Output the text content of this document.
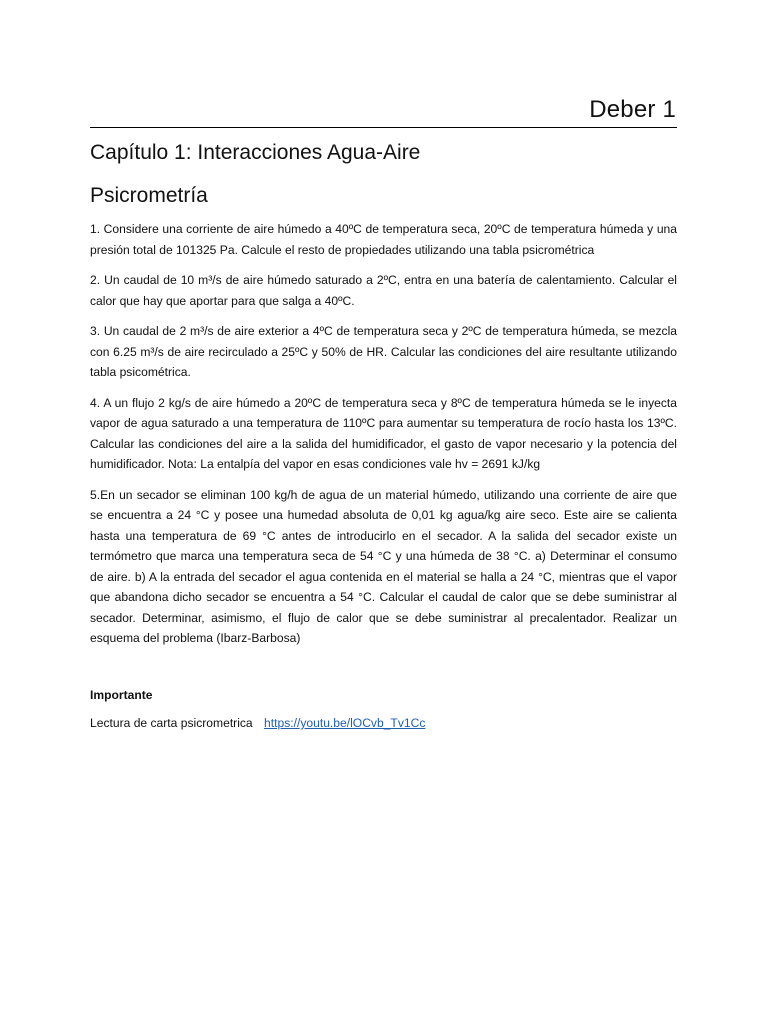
Deber 1
Capítulo 1: Interacciones Agua-Aire
Psicrometría

1. Considere una corriente de aire húmedo a 40ºC de temperatura seca, 20ºC de temperatura húmeda y una presión total de 101325 Pa. Calcule el resto de propiedades utilizando una tabla psicrométrica

2. Un caudal de 10 m³/s de aire húmedo saturado a 2ºC, entra en una batería de calentamiento. Calcular el calor que hay que aportar para que salga a 40ºC.

3. Un caudal de 2 m³/s de aire exterior a 4ºC de temperatura seca y 2ºC de temperatura húmeda, se mezcla con 6.25 m³/s de aire recirculado a 25ºC y 50% de HR. Calcular las condiciones del aire resultante utilizando tabla psicométrica.

4. A un flujo 2 kg/s de aire húmedo a 20ºC de temperatura seca y 8ºC de temperatura húmeda se le inyecta vapor de agua saturado a una temperatura de 110ºC para aumentar su temperatura de rocío hasta los 13ºC. Calcular las condiciones del aire a la salida del humidificador, el gasto de vapor necesario y la potencia del humidificador. Nota: La entalpía del vapor en esas condiciones vale hv = 2691 kJ/kg

5.En un secador se eliminan 100 kg/h de agua de un material húmedo, utilizando una corriente de aire que se encuentra a 24 °C y posee una humedad absoluta de 0,01 kg agua/kg aire seco. Este aire se calienta hasta una temperatura de 69 °C antes de introducirlo en el secador. A la salida del secador existe un termómetro que marca una temperatura seca de 54 °C y una húmeda de 38 °C. a) Determinar el consumo de aire. b) A la entrada del secador el agua contenida en el material se halla a 24 °C, mientras que el vapor que abandona dicho secador se encuentra a 54 °C. Calcular el caudal de calor que se debe suministrar al secador. Determinar, asimismo, el flujo de calor que se debe suministrar al precalentador. Realizar un esquema del problema (Ibarz-Barbosa)

Importante
Lectura de carta psicrometrica https://youtu.be/lOCvb_Tv1Cc
